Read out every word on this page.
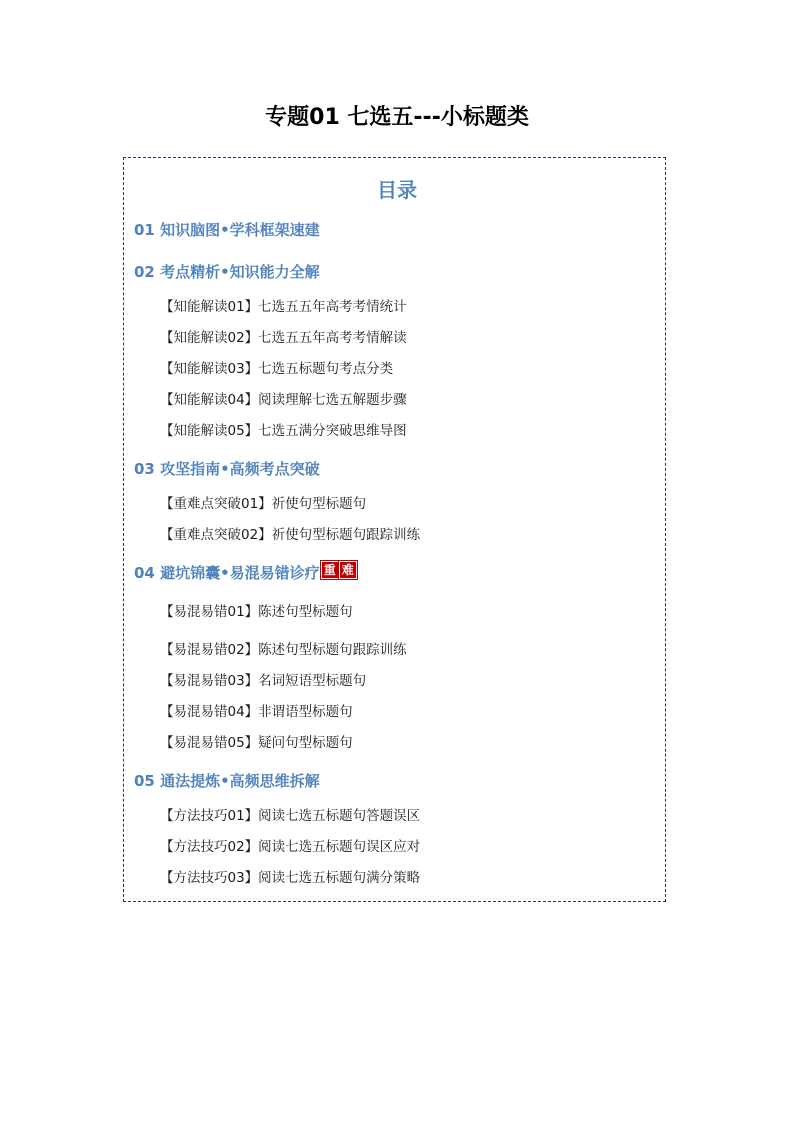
专题01 七选五---小标题类
目录
01 知识脑图•学科框架速建
02 考点精析•知识能力全解
【知能解读01】七选五五年高考考情统计
【知能解读02】七选五五年高考考情解读
【知能解读03】七选五标题句考点分类
【知能解读04】阅读理解七选五解题步骤
【知能解读05】七选五满分突破思维导图
03 攻坚指南•高频考点突破
【重难点突破01】祈使句型标题句
【重难点突破02】祈使句型标题句跟踪训练
04 避坑锦囊•易混易错诊疗 重 难
【易混易错01】陈述句型标题句
【易混易错02】陈述句型标题句跟踪训练
【易混易错03】名词短语型标题句
【易混易错04】非谓语型标题句
【易混易错05】疑问句型标题句
05 通法提炼•高频思维拆解
【方法技巧01】阅读七选五标题句答题误区
【方法技巧02】阅读七选五标题句误区应对
【方法技巧03】阅读七选五标题句满分策略
